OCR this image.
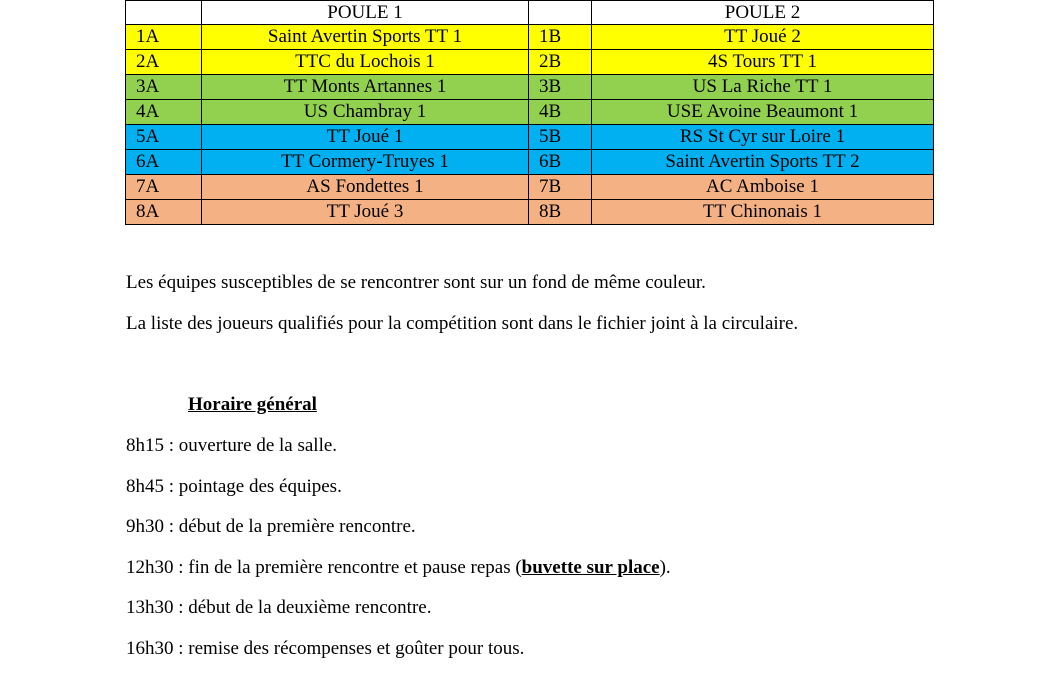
	POULE 1		POULE 2
1A	Saint Avertin Sports TT 1	1B	TT Joué 2
2A	TTC du Lochois 1	2B	4S Tours TT 1
3A	TT Monts Artannes 1	3B	US La Riche TT 1
4A	US Chambray 1	4B	USE Avoine Beaumont 1
5A	TT Joué 1	5B	RS St Cyr sur Loire 1
6A	TT Cormery-Truyes 1	6B	Saint Avertin Sports TT 2
7A	AS Fondettes 1	7B	AC Amboise 1
8A	TT Joué 3	8B	TT Chinonais 1

Les équipes susceptibles de se rencontrer sont sur un fond de même couleur.

La liste des joueurs qualifiés pour la compétition sont dans le fichier joint à la circulaire.

Horaire général

8h15 : ouverture de la salle.

8h45 : pointage des équipes.

9h30 : début de la première rencontre.

12h30 : fin de la première rencontre et pause repas (buvette sur place).

13h30 : début de la deuxième rencontre.

16h30 : remise des récompenses et goûter pour tous.
